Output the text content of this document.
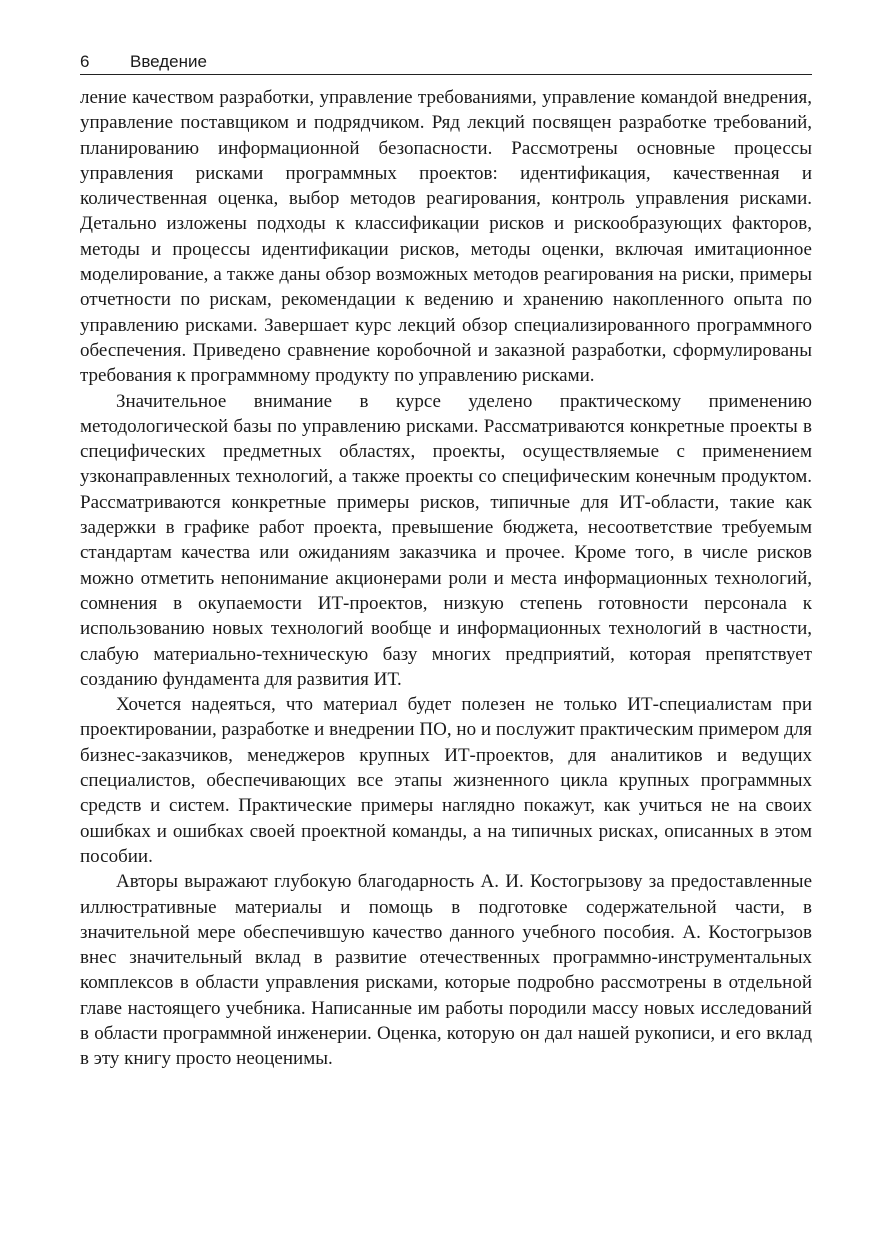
6	Введение

ление качеством разработки, управление требованиями, управление командой внедрения, управление поставщиком и подрядчиком. Ряд лекций посвящен разработке требований, планированию информационной безопасности. Рассмотрены основные процессы управления рисками программных проектов: идентификация, качественная и количественная оценка, выбор методов реагирования, контроль управления рисками. Детально изложены подходы к классификации рисков и рискообразующих факторов, методы и процессы идентификации рисков, методы оценки, включая имитационное моделирование, а также даны обзор возможных методов реагирования на риски, примеры отчетности по рискам, рекомендации к ведению и хранению накопленного опыта по управлению рисками. Завершает курс лекций обзор специализированного программного обеспечения. Приведено сравнение коробочной и заказной разработки, сформулированы требования к программному продукту по управлению рисками.

Значительное внимание в курсе уделено практическому применению методологической базы по управлению рисками. Рассматриваются конкретные проекты в специфических предметных областях, проекты, осуществляемые с применением узконаправленных технологий, а также проекты со специфическим конечным продуктом. Рассматриваются конкретные примеры рисков, типичные для ИТ-области, такие как задержки в графике работ проекта, превышение бюджета, несоответствие требуемым стандартам качества или ожиданиям заказчика и прочее. Кроме того, в числе рисков можно отметить непонимание акционерами роли и места информационных технологий, сомнения в окупаемости ИТ-проектов, низкую степень готовности персонала к использованию новых технологий вообще и информационных технологий в частности, слабую материально-техническую базу многих предприятий, которая препятствует созданию фундамента для развития ИТ.

Хочется надеяться, что материал будет полезен не только ИТ-специалистам при проектировании, разработке и внедрении ПО, но и послужит практическим примером для бизнес-заказчиков, менеджеров крупных ИТ-проектов, для аналитиков и ведущих специалистов, обеспечивающих все этапы жизненного цикла крупных программных средств и систем. Практические примеры наглядно покажут, как учиться не на своих ошибках и ошибках своей проектной команды, а на типичных рисках, описанных в этом пособии.

Авторы выражают глубокую благодарность А. И. Костогрызову за предоставленные иллюстративные материалы и помощь в подготовке содержательной части, в значительной мере обеспечившую качество данного учебного пособия. А. Костогрызов внес значительный вклад в развитие отечественных программно-инструментальных комплексов в области управления рисками, которые подробно рассмотрены в отдельной главе настоящего учебника. Написанные им работы породили массу новых исследований в области программной инженерии. Оценка, которую он дал нашей рукописи, и его вклад в эту книгу просто неоценимы.
